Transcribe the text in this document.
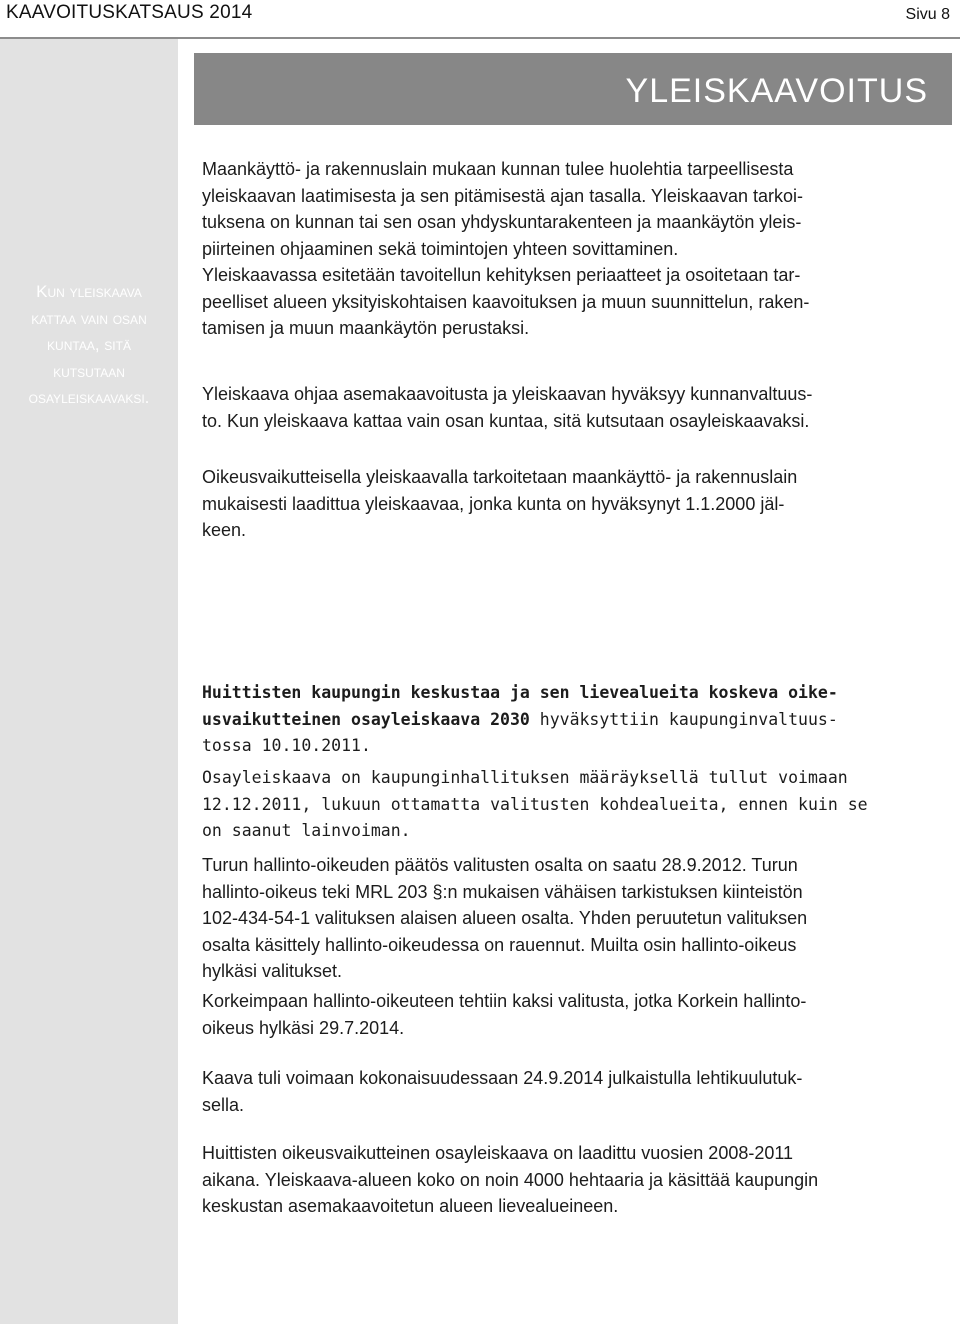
KAAVOITUSKATSAUS 2014	Sivu 8
Kun yleiskaava
kattaa vain osan
kuntaa, sitä
kutsutaan
osayleiskaavaksi.
YLEISKAAVOITUS
Maankäyttö- ja rakennuslain mukaan kunnan tulee huolehtia tarpeellisesta
yleiskaavan laatimisesta ja sen pitämisestä ajan tasalla. Yleiskaavan tarkoi-
tuksena on kunnan tai sen osan yhdyskuntarakenteen ja maankäytön yleis-
piirteinen ohjaaminen sekä toimintojen yhteen sovittaminen.
Yleiskaavassa esitetään tavoitellun kehityksen periaatteet ja osoitetaan tar-
peelliset alueen yksityiskohtaisen kaavoituksen ja muun suunnittelun, raken-
tamisen ja muun maankäytön perustaksi.
Yleiskaava ohjaa asemakaavoitusta ja yleiskaavan hyväksyy kunnanvaltuus-
to. Kun yleiskaava kattaa vain osan kuntaa, sitä kutsutaan osayleiskaavaksi.
Oikeusvaikutteisella yleiskaavalla tarkoitetaan maankäyttö- ja rakennuslain
mukaisesti laadittua yleiskaavaa, jonka kunta on hyväksynyt 1.1.2000 jäl-
keen.
Huittisten kaupungin keskustaa ja sen lievealueita koskeva oike-
usvaikutteinen osayleiskaava 2030 hyväksyttiin kaupunginvaltuus-
tossa 10.10.2011.
Osayleiskaava on kaupunginhallituksen määräyksellä tullut voimaan
12.12.2011, lukuun ottamatta valitusten kohdealueita, ennen kuin se
on saanut lainvoiman.
Turun hallinto-oikeuden päätös valitusten osalta on saatu 28.9.2012. Turun
hallinto-oikeus teki MRL 203 §:n mukaisen vähäisen tarkistuksen kiinteistön
102-434-54-1 valituksen alaisen alueen osalta. Yhden peruutetun valituksen
osalta käsittely hallinto-oikeudessa on rauennut. Muilta osin hallinto-oikeus
hylkäsi valitukset.
Korkeimpaan hallinto-oikeuteen tehtiin kaksi valitusta, jotka Korkein hallinto-
oikeus hylkäsi 29.7.2014.
Kaava tuli voimaan kokonaisuudessaan 24.9.2014 julkaistulla lehtikuulutuk-
sella.
Huittisten oikeusvaikutteinen osayleiskaava on laadittu vuosien 2008-2011
aikana. Yleiskaava-alueen koko on noin 4000 hehtaaria ja käsittää kaupungin
keskustan asemakaavoitetun alueen lievealueineen.
